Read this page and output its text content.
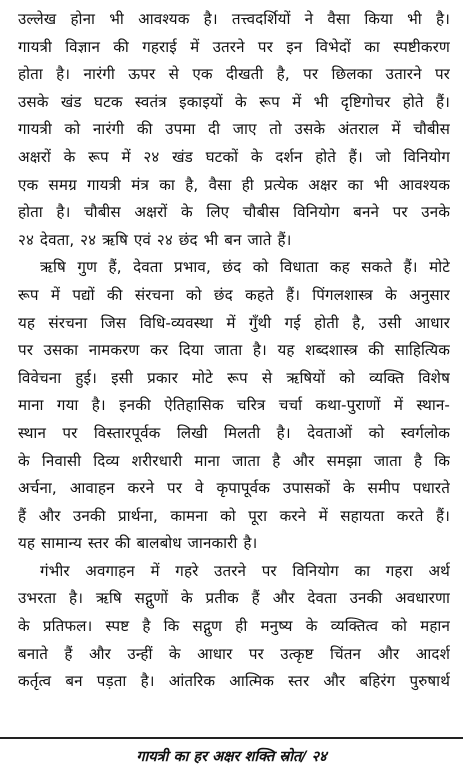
उल्लेख होना भी आवश्यक है। तत्त्वदर्शियों ने वैसा किया भी है।
गायत्री विज्ञान की गहराई में उतरने पर इन विभेदों का स्पष्टीकरण
होता है। नारंगी ऊपर से एक दीखती है, पर छिलका उतारने पर
उसके खंड घटक स्वतंत्र इकाइयों के रूप में भी दृष्टिगोचर होते हैं।
गायत्री को नारंगी की उपमा दी जाए तो उसके अंतराल में चौबीस
अक्षरों के रूप में २४ खंड घटकों के दर्शन होते हैं। जो विनियोग
एक समग्र गायत्री मंत्र का है, वैसा ही प्रत्येक अक्षर का भी आवश्यक
होता है। चौबीस अक्षरों के लिए चौबीस विनियोग बनने पर उनके
२४ देवता, २४ ऋषि एवं २४ छंद भी बन जाते हैं।
ऋषि गुण हैं, देवता प्रभाव, छंद को विधाता कह सकते हैं। मोटे
रूप में पद्यों की संरचना को छंद कहते हैं। पिंगलशास्त्र के अनुसार
यह संरचना जिस विधि-व्यवस्था में गुँथी गई होती है, उसी आधार
पर उसका नामकरण कर दिया जाता है। यह शब्दशास्त्र की साहित्यिक
विवेचना हुई। इसी प्रकार मोटे रूप से ऋषियों को व्यक्ति विशेष
माना गया है। इनकी ऐतिहासिक चरित्र चर्चा कथा-पुराणों में स्थान-
स्थान पर विस्तारपूर्वक लिखी मिलती है। देवताओं को स्वर्गलोक
के निवासी दिव्य शरीरधारी माना जाता है और समझा जाता है कि
अर्चना, आवाहन करने पर वे कृपापूर्वक उपासकों के समीप पधारते
हैं और उनकी प्रार्थना, कामना को पूरा करने में सहायता करते हैं।
यह सामान्य स्तर की बालबोध जानकारी है।
गंभीर अवगाहन में गहरे उतरने पर विनियोग का गहरा अर्थ
उभरता है। ऋषि सद्गुणों के प्रतीक हैं और देवता उनकी अवधारणा
के प्रतिफल। स्पष्ट है कि सद्गुण ही मनुष्य के व्यक्तित्व को महान
बनाते हैं और उन्हीं के आधार पर उत्कृष्ट चिंतन और आदर्श
कर्तृत्व बन पड़ता है। आंतरिक आत्मिक स्तर और बहिरंग पुरुषार्थ
गायत्री का हर अक्षर शक्ति स्रोत/ २४
